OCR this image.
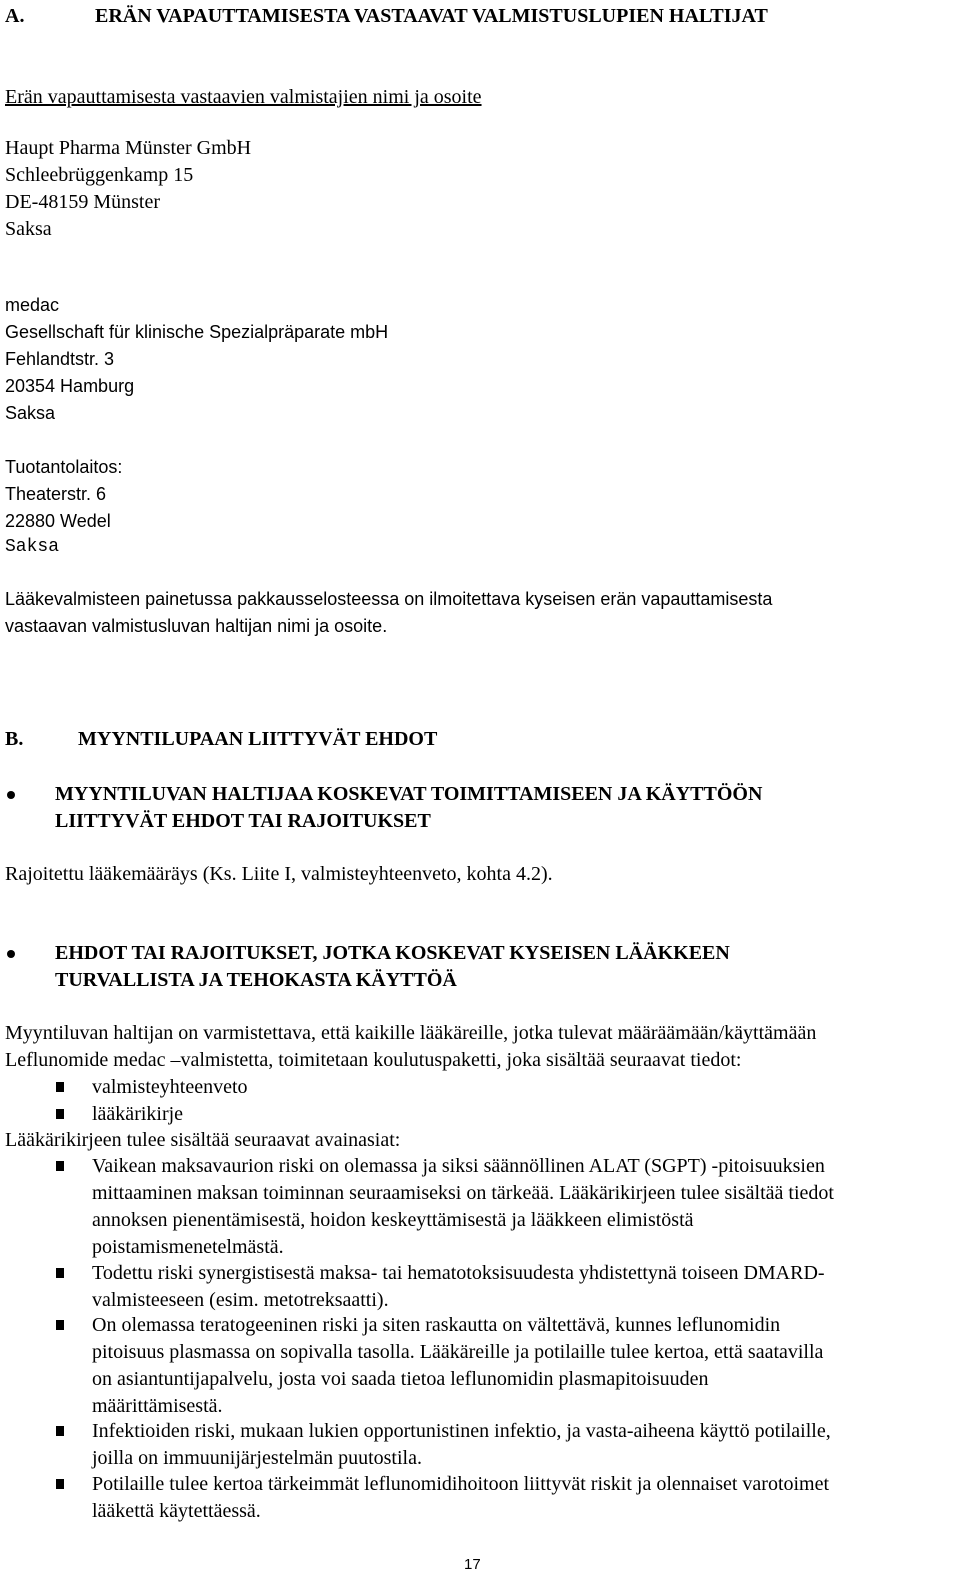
A.	ERÄN VAPAUTTAMISESTA VASTAAVAT VALMISTUSLUPIEN HALTIJAT
Erän vapauttamisesta vastaavien valmistajien nimi ja osoite
Haupt Pharma Münster GmbH
Schleebrüggenkamp 15
DE-48159 Münster
Saksa
medac
Gesellschaft für klinische Spezialpräparate mbH
Fehlandtstr. 3
20354 Hamburg
Saksa
Tuotantolaitos:
Theaterstr. 6
22880 Wedel
Saksa
Lääkevalmisteen painetussa pakkausselosteessa on ilmoitettava kyseisen erän vapauttamisesta
vastaavan valmistusluvan haltijan nimi ja osoite.
B.	MYYNTILUPAAN LIITTYVÄT EHDOT
MYYNTILUVAN HALTIJAA KOSKEVAT TOIMITTAMISEEN JA KÄYTTÖÖN
LIITTYVÄT EHDOT TAI RAJOITUKSET
Rajoitettu lääkemääräys (Ks. Liite I, valmisteyhteenveto, kohta 4.2).
EHDOT TAI RAJOITUKSET, JOTKA KOSKEVAT KYSEISEN LÄÄKKEEN
TURVALLISTA JA TEHOKASTA KÄYTTÖÄ
Myyntiluvan haltijan on varmistettava, että kaikille lääkäreille, jotka tulevat määräämään/käyttämään
Leflunomide medac –valmistetta, toimitetaan koulutuspaketti, joka sisältää seuraavat tiedot:
valmisteyhteenveto
lääkärikirje
Lääkärikirjeen tulee sisältää seuraavat avainasiat:
Vaikean maksavaurion riski on olemassa ja siksi säännöllinen ALAT (SGPT) -pitoisuuksien
mittaaminen maksan toiminnan seuraamiseksi on tärkeää. Lääkärikirjeen tulee sisältää tiedot
annoksen pienentämisestä, hoidon keskeyttämisestä ja lääkkeen elimistöstä
poistamismenetelmästä.
Todettu riski synergistisestä maksa- tai hematotoksisuudesta yhdistettynä toiseen DMARD-
valmisteeseen (esim. metotreksaatti).
On olemassa teratogeeninen riski ja siten raskautta on vältettävä, kunnes leflunomidin
pitoisuus plasmassa on sopivalla tasolla. Lääkäreille ja potilaille tulee kertoa, että saatavilla
on asiantuntijapalvelu, josta voi saada tietoa leflunomidin plasmapitoisuuden
määrittämisestä.
Infektioiden riski, mukaan lukien opportunistinen infektio, ja vasta-aiheena käyttö potilaille,
joilla on immuunijärjestelmän puutostila.
Potilaille tulee kertoa tärkeimmät leflunomidihoitoon liittyvät riskit ja olennaiset varotoimet
lääkettä käytettäessä.
17
